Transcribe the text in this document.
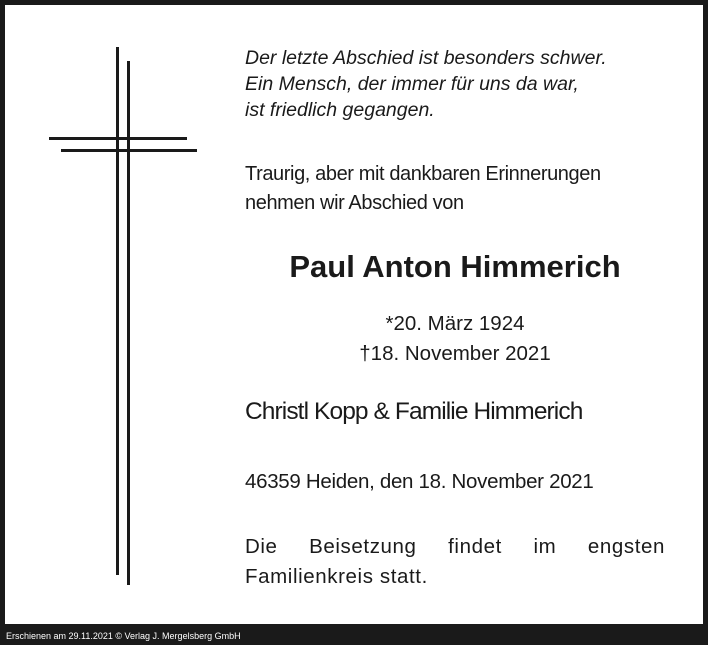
Der letzte Abschied ist besonders schwer.
Ein Mensch, der immer für uns da war,
ist friedlich gegangen.
Traurig, aber mit dankbaren Erinnerungen
nehmen wir Abschied von
Paul Anton Himmerich
*20. März 1924
†18. November 2021
Christl Kopp & Familie Himmerich
46359 Heiden, den 18. November 2021
Die Beisetzung findet im engsten
Familienkreis statt.
Erschienen am 29.11.2021 © Verlag J. Mergelsberg GmbH
